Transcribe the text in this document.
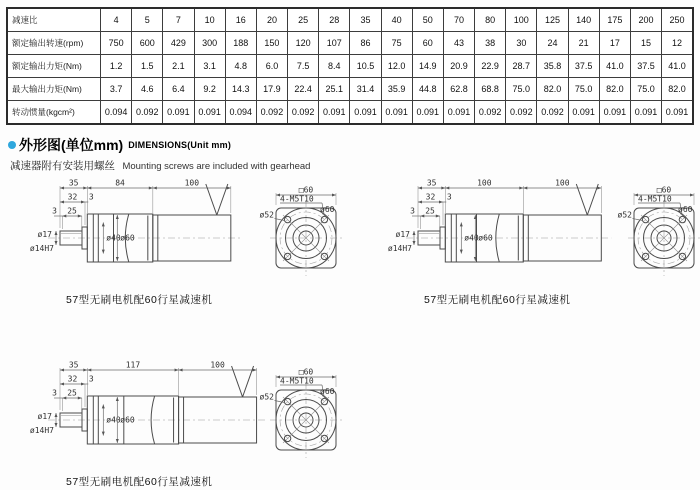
减速比	4	5	7	10	16	20	25	28	35	40	50	70	80	100	125	140	175	200	250
额定输出转速(rpm)	750	600	429	300	188	150	120	107	86	75	60	43	38	30	24	21	17	15	12
额定输出力矩(Nm)	1.2	1.5	2.1	3.1	4.8	6.0	7.5	8.4	10.5	12.0	14.9	20.9	22.9	28.7	35.8	37.5	41.0	37.5	41.0
最大输出力矩(Nm)	3.7	4.6	6.4	9.2	14.3	17.9	22.4	25.1	31.4	35.9	44.8	62.8	68.8	75.0	82.0	75.0	82.0	75.0	82.0
转动惯量(kgcm²)	0.094	0.092	0.091	0.091	0.094	0.092	0.092	0.091	0.091	0.091	0.091	0.091	0.092	0.092	0.092	0.091	0.091	0.091	0.091
外形图(单位mm) DIMENSIONS(Unit mm)
减速器附有安装用螺丝 Mounting screws are included with gearhead
35	84	100
32 3
3 25
ø17
ø14H7
ø40 ø60
□60
4-M5T10
ø60
ø52
57型无刷电机配60行星减速机
35	100	100
32 3
3 25
ø17
ø14H7
ø40 ø60
□60
4-M5T10
ø60
ø52
57型无刷电机配60行星减速机
35	117	100
32 3
3 25
ø17
ø14H7
ø40 ø60
□60
4-M5T10
ø60
ø52
57型无刷电机配60行星减速机
